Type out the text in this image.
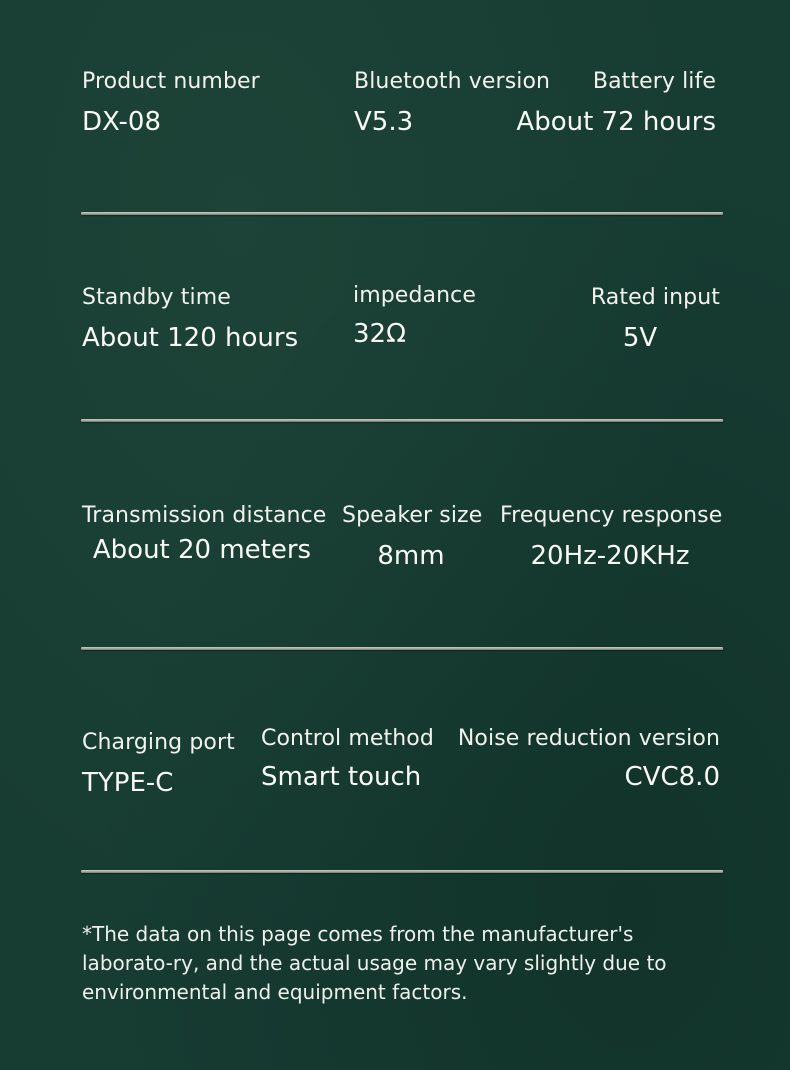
Product number
DX-08
Bluetooth version
V5.3
Battery life
About 72 hours
Standby time
About 120 hours
impedance
32Ω
Rated input
5V
Transmission distance
About 20 meters
Speaker size
8mm
Frequency response
20Hz-20KHz
Charging port
TYPE-C
Control method
Smart touch
Noise reduction version
CVC8.0
*The data on this page comes from the manufacturer's laborato-ry, and the actual usage may vary slightly due to environmental and equipment factors.
